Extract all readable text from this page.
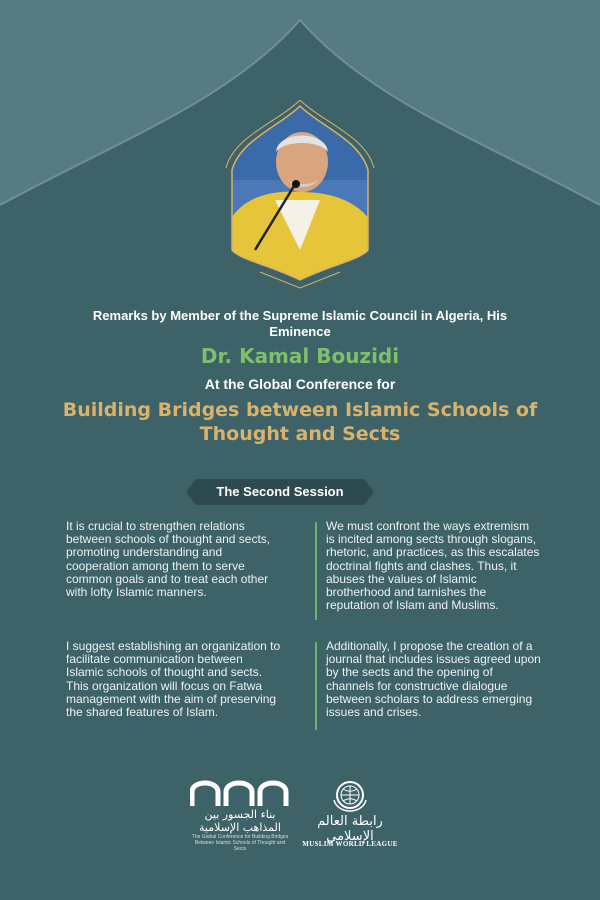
Remarks by Member of the Supreme Islamic Council in Algeria, His Eminence
Dr. Kamal Bouzidi
At the Global Conference for
Building Bridges between Islamic Schools of Thought and Sects
The Second Session
It is crucial to strengthen relations between schools of thought and sects, promoting understanding and cooperation among them to serve common goals and to treat each other with lofty Islamic manners.
We must confront the ways extremism is incited among sects through slogans, rhetoric, and practices, as this escalates doctrinal fights and clashes. Thus, it abuses the values of Islamic brotherhood and tarnishes the reputation of Islam and Muslims.
I suggest establishing an organization to facilitate communication between Islamic schools of thought and sects. This organization will focus on Fatwa management with the aim of preserving the shared features of Islam.
Additionally, I propose the creation of a journal that includes issues agreed upon by the sects and the opening of channels for constructive dialogue between scholars to address emerging issues and crises.
بناء الجسور بين المذاهب الإسلامية
The Global Conference for Building Bridges Between Islamic Schools of Thought and Sects
رابطة العالم الإسلامي
MUSLIM WORLD LEAGUE
